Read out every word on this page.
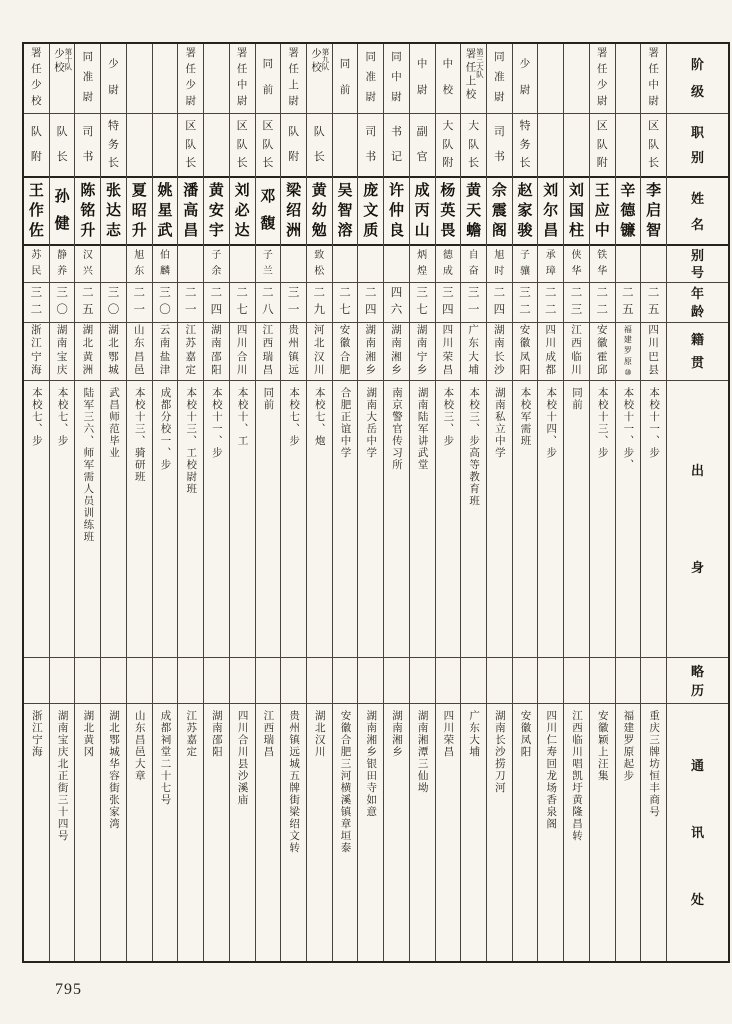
阶
级
职
别
姓
名
别
号
年
龄
籍
贯
出
身
略
历
通
讯
处
署
任
中
尉
区
队
长
李
启
智
二
五
四
川
巴
县
本校十一、步
重庆三牌坊恒丰商号
辛
德
镰
二
五
福
建
罗
原
⑩
本校十一、步、
福建罗原起步
署
任
少
尉
区
队
附
王
应
中
铁
华
二
二
安
徽
霍
邱
本校十三、步
安徽颖上汪集
刘
国
柱
侠
华
二
三
江
西
临
川
同前
江西临川唱凯圩黄隆昌转
刘
尔
昌
承
璋
二
二
四
川
成
都
本校十四、步
四川仁寿回龙场香泉阁
少
尉
特
务
长
赵
家
骏
子
骧
三
二
安
徽
凤
阳
本校军需班
安徽凤阳
同
准
尉
司
书
佘
震
阁
旭
时
二
四
湖
南
长
沙
湖南私立中学
湖南长沙捞刀河
第三大队
署任上校
大
队
长
黄
天
蟾
自
奋
三
一
广
东
大
埔
本校三、步高等教育班
广东大埔
中
校
大
队
附
杨
英
畏
德
成
三
四
四
川
荣
昌
本校三、步
四川荣昌
中
尉
副
官
成
丙
山
炳
煌
三
七
湖
南
宁
乡
湖南陆军讲武堂
湖南湘潭三仙坳
同
中
尉
书
记
许
仲
良
四
六
湖
南
湘
乡
南京警官传习所
湖南湘乡
同
准
尉
司
书
庞
文
质
二
四
湖
南
湘
乡
湖南大岳中学
湖南湘乡银田寺如意
同
前
吴
智
溶
二
七
安
徽
合
肥
合肥正谊中学
安徽合肥三河横溪镇章垣泰
第九队
少校
队
长
黄
幼
勉
致
松
二
九
河
北
汉
川
本校七、炮
湖北汉川
署
任
上
尉
队
附
梁
绍
洲
三
一
贵
州
镇
远
本校七、步
贵州镇远城五牌街梁绍文转
同
前
区
队
长
邓
馥
子
兰
二
八
江
西
瑞
昌
同前
江西瑞昌
署
任
中
尉
区
队
长
刘
必
达
二
七
四
川
合
川
本校十、工
四川合川县沙溪庙
黄
安
宇
子
余
二
四
湖
南
邵
阳
本校十一、步
湖南邵阳
署
任
少
尉
区
队
长
潘
高
昌
二
一
江
苏
嘉
定
本校十三、工校尉班
江苏嘉定
姚
星
武
伯
麟
三
〇
云
南
盐
津
成都分校一、步
成都祠堂二十七号
夏
昭
升
旭
东
二
一
山
东
昌
邑
本校十三、骑研班
山东昌邑大章
少
尉
特
务
长
张
达
志
三
〇
湖
北
鄂
城
武昌师范毕业
湖北鄂城华容街张家湾
同
准
尉
司
书
陈
铭
升
汉
兴
二
五
湖
北
黄
洲
陆军三六、师军需人员训练班
湖北黄冈
第十队
少校
队
长
孙
健
静
养
三
〇
湖
南
宝
庆
本校七、步
湖南宝庆北正街三十四号
署
任
少
校
队
附
王
作
佐
苏
民
三
二
浙
江
宁
海
本校七、步
浙江宁海
795
